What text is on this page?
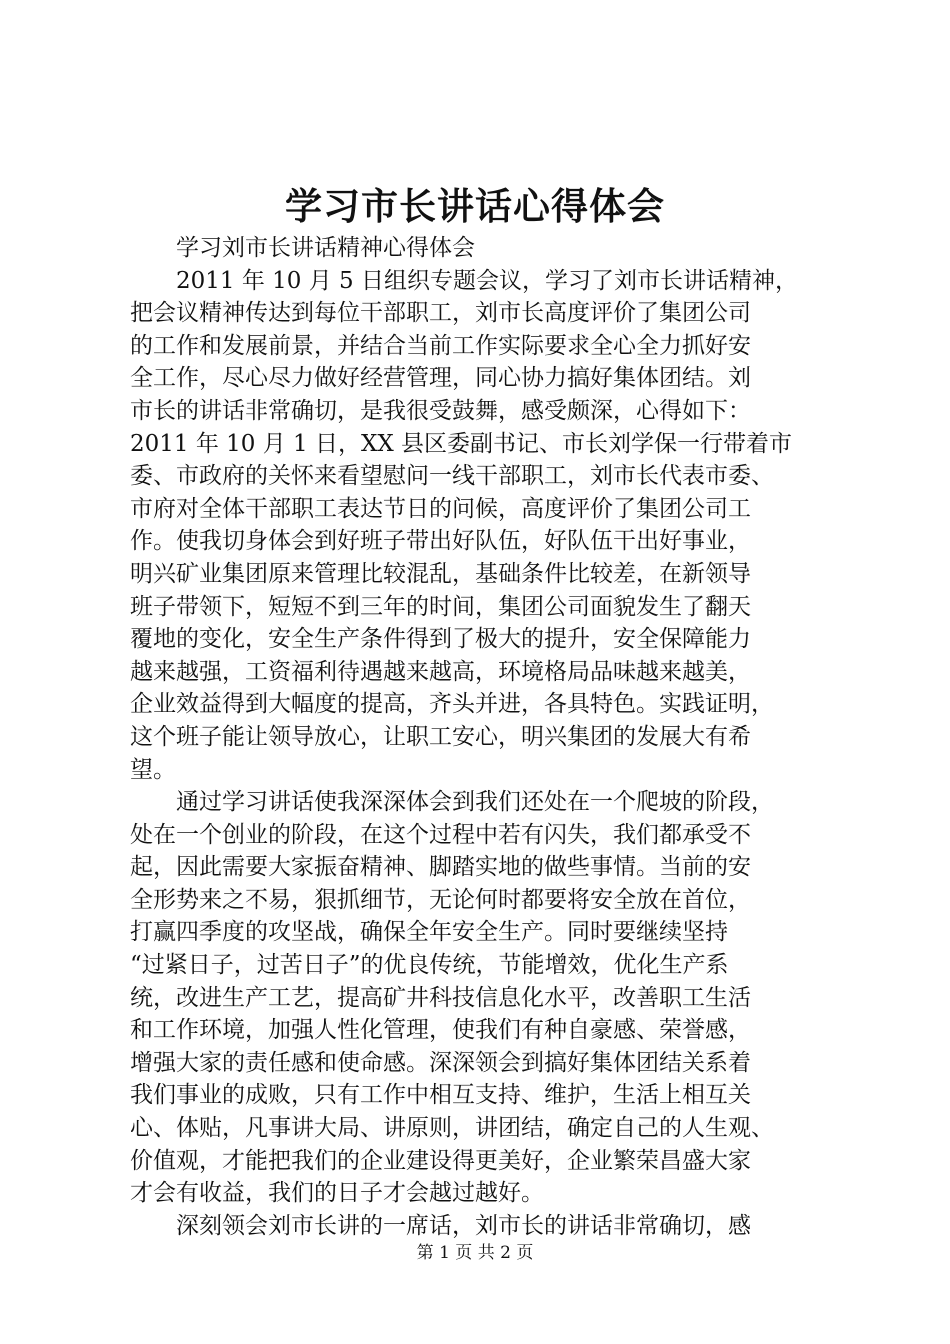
学习市长讲话心得体会
　　学习刘市长讲话精神心得体会
　　2011 年 10 月 5 日组织专题会议，学习了刘市长讲话精神，
把会议精神传达到每位干部职工，刘市长高度评价了集团公司
的工作和发展前景，并结合当前工作实际要求全心全力抓好安
全工作，尽心尽力做好经营管理，同心协力搞好集体团结。刘
市长的讲话非常确切，是我很受鼓舞，感受颇深，心得如下：
2011 年 10 月 1 日，XX 县区委副书记、市长刘学保一行带着市
委、市政府的关怀来看望慰问一线干部职工，刘市长代表市委、
市府对全体干部职工表达节日的问候，高度评价了集团公司工
作。使我切身体会到好班子带出好队伍，好队伍干出好事业，
明兴矿业集团原来管理比较混乱，基础条件比较差，在新领导
班子带领下，短短不到三年的时间，集团公司面貌发生了翻天
覆地的变化，安全生产条件得到了极大的提升，安全保障能力
越来越强，工资福利待遇越来越高，环境格局品味越来越美，
企业效益得到大幅度的提高，齐头并进，各具特色。实践证明，
这个班子能让领导放心，让职工安心，明兴集团的发展大有希
望。
　　通过学习讲话使我深深体会到我们还处在一个爬坡的阶段，
处在一个创业的阶段，在这个过程中若有闪失，我们都承受不
起，因此需要大家振奋精神、脚踏实地的做些事情。当前的安
全形势来之不易，狠抓细节，无论何时都要将安全放在首位，
打赢四季度的攻坚战，确保全年安全生产。同时要继续坚持
“过紧日子，过苦日子”的优良传统，节能增效，优化生产系
统，改进生产工艺，提高矿井科技信息化水平，改善职工生活
和工作环境，加强人性化管理，使我们有种自豪感、荣誉感，
增强大家的责任感和使命感。深深领会到搞好集体团结关系着
我们事业的成败，只有工作中相互支持、维护，生活上相互关
心、体贴，凡事讲大局、讲原则，讲团结，确定自己的人生观、
价值观，才能把我们的企业建设得更美好，企业繁荣昌盛大家
才会有收益，我们的日子才会越过越好。
　　深刻领会刘市长讲的一席话，刘市长的讲话非常确切，感
第 1 页 共 2 页
